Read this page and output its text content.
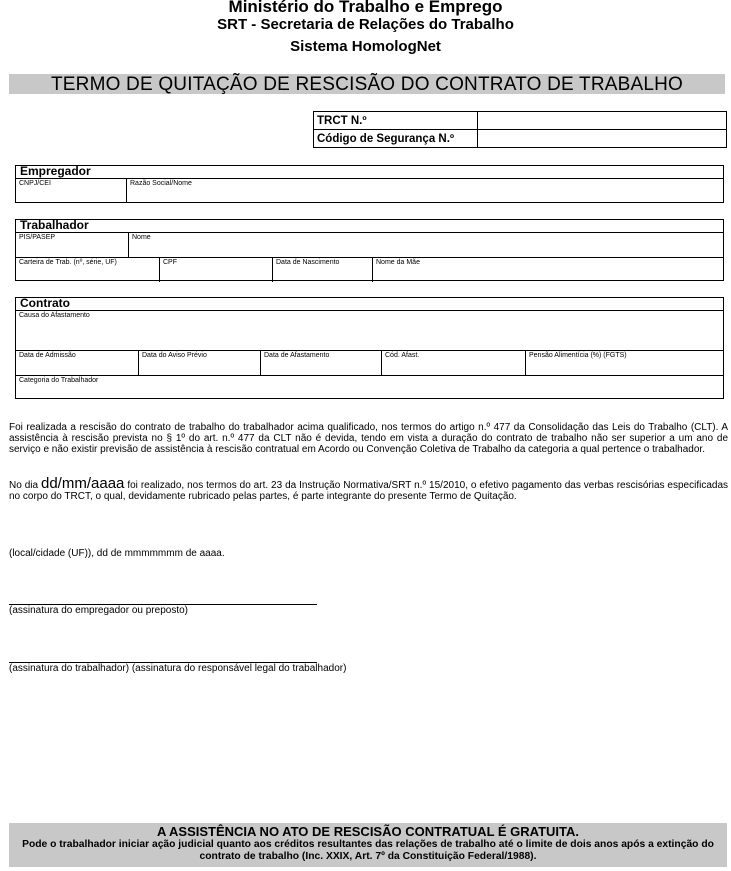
Ministério do Trabalho e Emprego
SRT - Secretaria de Relações do Trabalho
Sistema HomologNet
TERMO DE QUITAÇÃO DE RESCISÃO DO CONTRATO DE TRABALHO
TRCT N.º	
Código de Segurança N.º	
Empregador
CNPJ/CEI	Razão Social/Nome
Trabalhador
PIS/PASEP	Nome
Carteira de Trab. (nº, série, UF)	CPF	Data de Nascimento	Nome da Mãe
Contrato
Causa do Afastamento
Data de Admissão	Data do Aviso Prévio	Data de Afastamento	Cód. Afast.	Pensão Alimentícia (%) (FGTS)
Categoria do Trabalhador
Foi realizada a rescisão do contrato de trabalho do trabalhador acima qualificado, nos termos do artigo n.º 477 da Consolidação das Leis do Trabalho (CLT). A assistência à rescisão prevista no § 1º do art. n.º 477 da CLT não é devida, tendo em vista a duração do contrato de trabalho não ser superior a um ano de serviço e não existir previsão de assistência à rescisão contratual em Acordo ou Convenção Coletiva de Trabalho da categoria a qual pertence o trabalhador.
No dia dd/mm/aaaa foi realizado, nos termos do art. 23 da Instrução Normativa/SRT n.º 15/2010, o efetivo pagamento das verbas rescisórias especificadas no corpo do TRCT, o qual, devidamente rubricado pelas partes, é parte integrante do presente Termo de Quitação.
(local/cidade (UF)), dd de mmmmmmm de aaaa.
(assinatura do empregador ou preposto)
(assinatura do trabalhador) (assinatura do responsável legal do trabalhador)
A ASSISTÊNCIA NO ATO DE RESCISÃO CONTRATUAL É GRATUITA.
Pode o trabalhador iniciar ação judicial quanto aos créditos resultantes das relações de trabalho até o limite de dois anos após a extinção do contrato de trabalho (Inc. XXIX, Art. 7º da Constituição Federal/1988).
